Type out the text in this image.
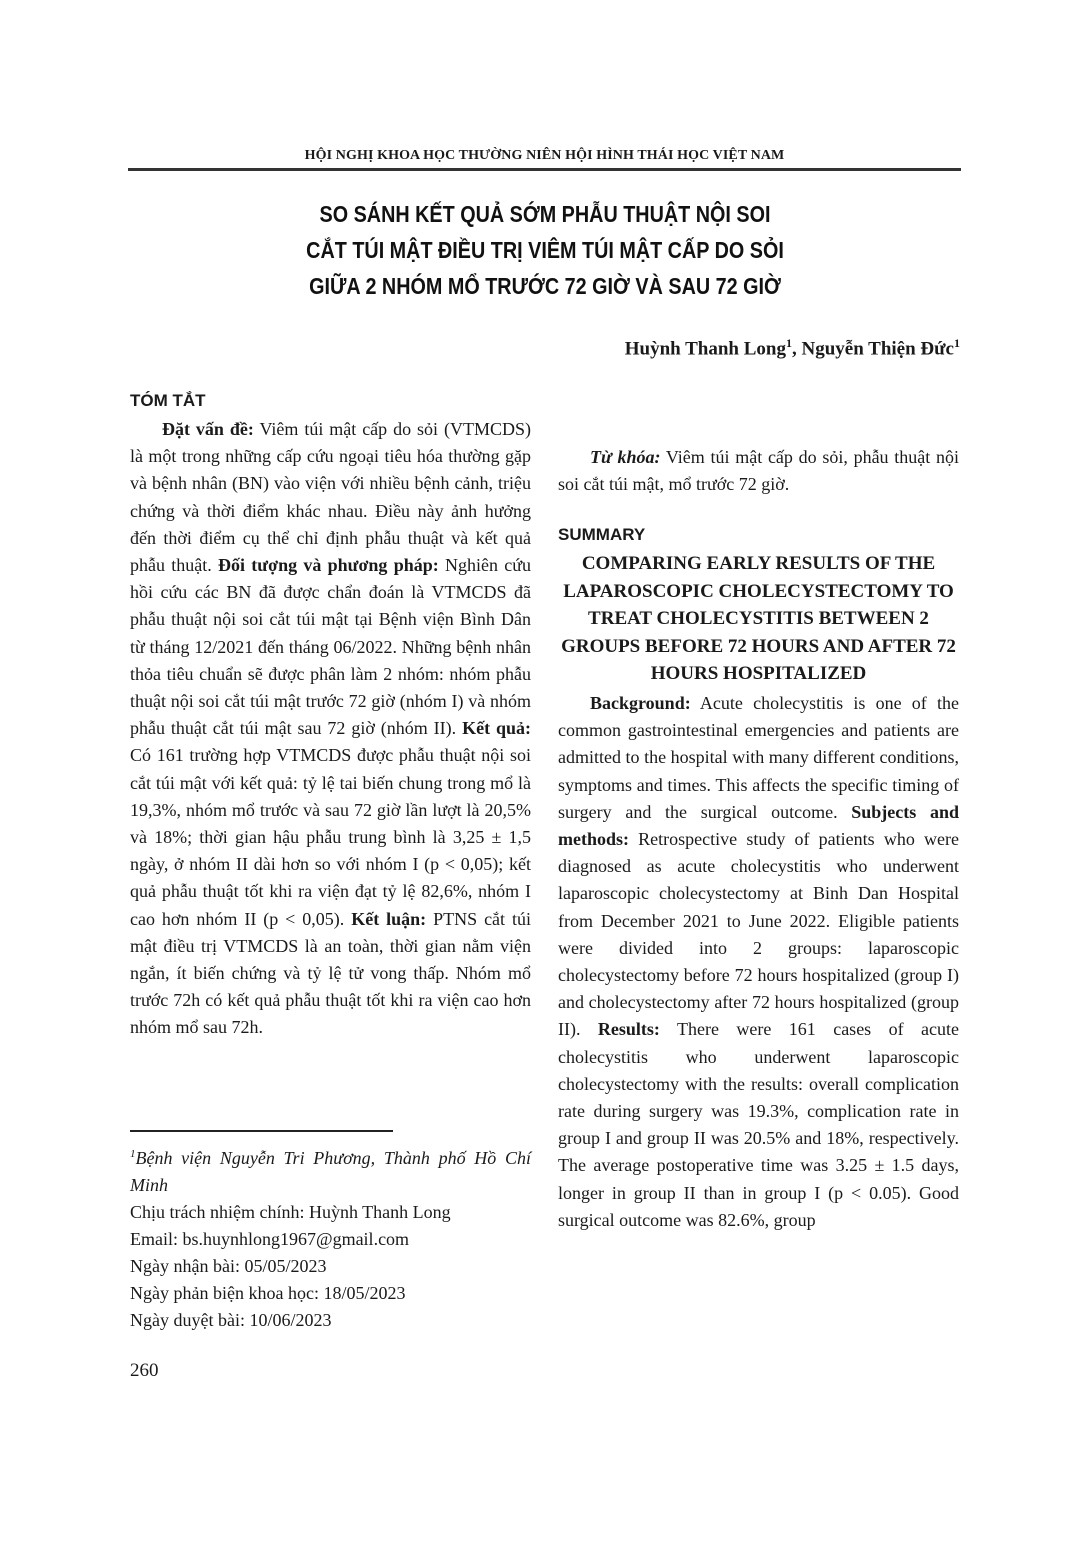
HỘI NGHỊ KHOA HỌC THƯỜNG NIÊN HỘI HÌNH THÁI HỌC VIỆT NAM
SO SÁNH KẾT QUẢ SỚM PHẪU THUẬT NỘI SOI
CẮT TÚI MẬT ĐIỀU TRỊ VIÊM TÚI MẬT CẤP DO SỎI
GIỮA 2 NHÓM MỔ TRƯỚC 72 GIỜ VÀ SAU 72 GIỜ
Huỳnh Thanh Long$^1$, Nguyễn Thiện Đức$^1$
TÓM TẮT

Đặt vấn đề: Viêm túi mật cấp do sỏi (VTMCDS) là một trong những cấp cứu ngoại tiêu hóa thường gặp và bệnh nhân (BN) vào viện với nhiều bệnh cảnh, triệu chứng và thời điểm khác nhau. Điều này ảnh hưởng đến thời điểm cụ thể chỉ định phẫu thuật và kết quả phẫu thuật. Đối tượng và phương pháp: Nghiên cứu hồi cứu các BN đã được chẩn đoán là VTMCDS đã phẫu thuật nội soi cắt túi mật tại Bệnh viện Bình Dân từ tháng 12/2021 đến tháng 06/2022. Những bệnh nhân thỏa tiêu chuẩn sẽ được phân làm 2 nhóm: nhóm phẫu thuật nội soi cắt túi mật trước 72 giờ (nhóm I) và nhóm phẫu thuật cắt túi mật sau 72 giờ (nhóm II). Kết quả: Có 161 trường hợp VTMCDS được phẫu thuật nội soi cắt túi mật với kết quả: tỷ lệ tai biến chung trong mổ là 19,3%, nhóm mổ trước và sau 72 giờ lần lượt là 20,5% và 18%; thời gian hậu phẫu trung bình là 3,25 ± 1,5 ngày, ở nhóm II dài hơn so với nhóm I (p < 0,05); kết quả phẫu thuật tốt khi ra viện đạt tỷ lệ 82,6%, nhóm I cao hơn nhóm II (p < 0,05). Kết luận: PTNS cắt túi mật điều trị VTMCDS là an toàn, thời gian nằm viện ngắn, ít biến chứng và tỷ lệ tử vong thấp. Nhóm mổ trước 72h có kết quả phẫu thuật tốt khi ra viện cao hơn nhóm mổ sau 72h.

$^1$Bệnh viện Nguyễn Tri Phương, Thành phố Hồ Chí Minh

Chịu trách nhiệm chính: Huỳnh Thanh Long

Email: bs.huynhlong1967@gmail.com

Ngày nhận bài: 05/05/2023

Ngày phản biện khoa học: 18/05/2023

Ngày duyệt bài: 10/06/2023

Từ khóa: Viêm túi mật cấp do sỏi, phẫu thuật nội soi cắt túi mật, mổ trước 72 giờ.

SUMMARY
COMPARING EARLY RESULTS OF THE LAPAROSCOPIC CHOLECYSTECTOMY TO TREAT CHOLECYSTITIS BETWEEN 2 GROUPS BEFORE 72 HOURS AND AFTER 72 HOURS HOSPITALIZED

Background: Acute cholecystitis is one of the common gastrointestinal emergencies and patients are admitted to the hospital with many different conditions, symptoms and times. This affects the specific timing of surgery and the surgical outcome. Subjects and methods: Retrospective study of patients who were diagnosed as acute cholecystitis who underwent laparoscopic cholecystectomy at Binh Dan Hospital from December 2021 to June 2022. Eligible patients were divided into 2 groups: laparoscopic cholecystectomy before 72 hours hospitalized (group I) and cholecystectomy after 72 hours hospitalized (group II). Results: There were 161 cases of acute cholecystitis who underwent laparoscopic cholecystectomy with the results: overall complication rate during surgery was 19.3%, complication rate in group I and group II was 20.5% and 18%, respectively. The average postoperative time was 3.25 ± 1.5 days, longer in group II than in group I (p < 0.05). Good surgical outcome was 82.6%, group

260
